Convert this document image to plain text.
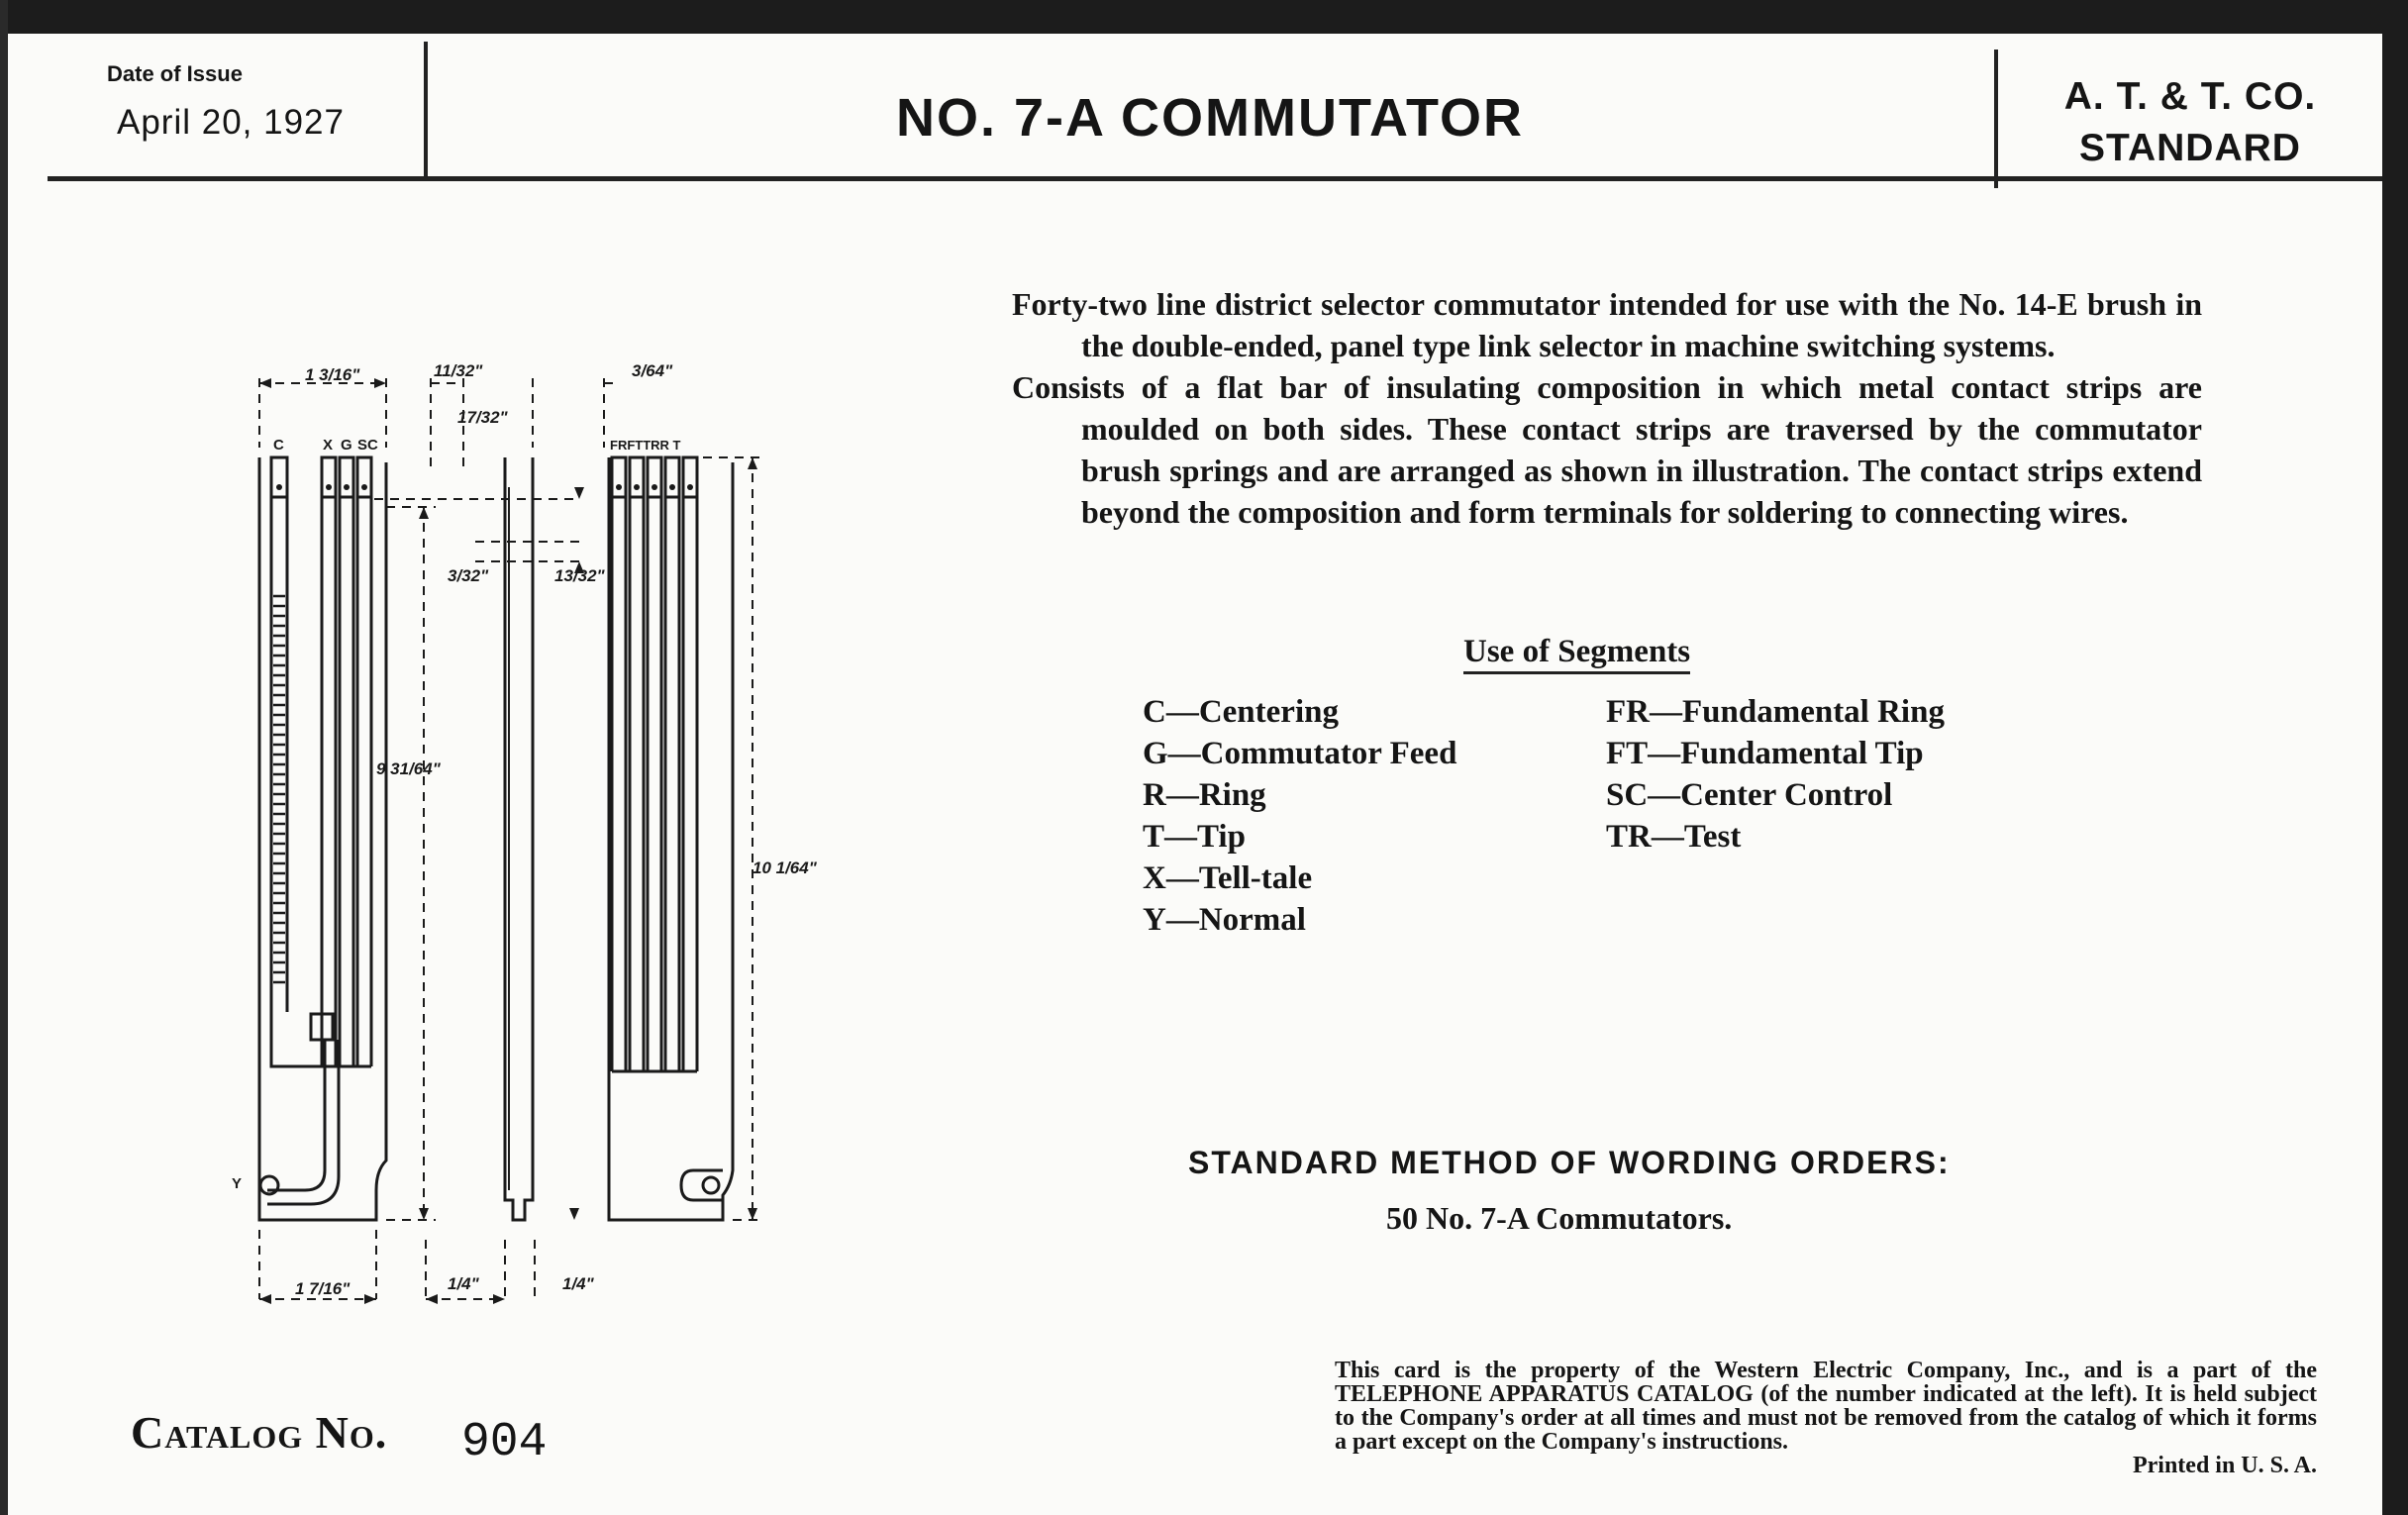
Date of Issue
April 20, 1927	NO. 7-A COMMUTATOR	A. T. & T. CO.
STANDARD

Forty-two line district selector commutator intended for use with the No. 14-E brush in the double-ended, panel type link selector in machine switching systems.

Consists of a flat bar of insulating composition in which metal contact strips are moulded on both sides. These contact strips are traversed by the commutator brush springs and are arranged as shown in illustration. The contact strips extend beyond the composition and form terminals for soldering to connecting wires.

Use of Segments
C—Centering
G—Commutator Feed
R—Ring
T—Tip
X—Tell-tale
Y—Normal
FR—Fundamental Ring
FT—Fundamental Tip
SC—Center Control
TR—Test
STANDARD METHOD OF WORDING ORDERS:
50 No. 7-A Commutators.
Catalog No. 904
This card is the property of the Western Electric Company, Inc., and is a part of the TELEPHONE APPARATUS CATALOG (of the number indicated at the left). It is held subject to the Company's order at all times and must not be removed from the catalog of which it forms a part except on the Company's instructions.
Printed in U. S. A.
1 3/16"	11/32"
17/32"
3/64"
3/32"	13/32"
9 31/64"
10 1/64"
1 7/16"	1/4"	1/4"
C	X G SC	FRFTTRR T
Y
